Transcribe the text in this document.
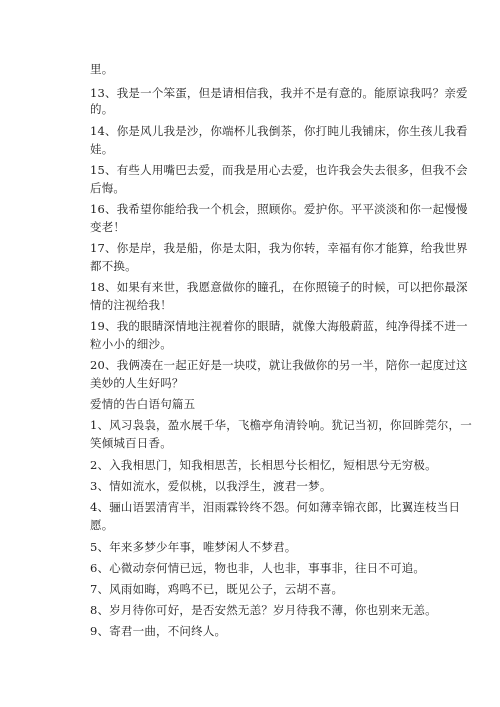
里。
13、我是一个笨蛋，但是请相信我，我并不是有意的。能原谅我吗？亲爱
的。
14、你是风儿我是沙，你端杯儿我倒茶，你打盹儿我铺床，你生孩儿我看
娃。
15、有些人用嘴巴去爱，而我是用心去爱，也许我会失去很多，但我不会
后悔。
16、我希望你能给我一个机会，照顾你。爱护你。平平淡淡和你一起慢慢
变老！
17、你是岸，我是船，你是太阳，我为你转，幸福有你才能算，给我世界
都不换。
18、如果有来世，我愿意做你的瞳孔，在你照镜子的时候，可以把你最深
情的注视给我！
19、我的眼睛深情地注视着你的眼睛，就像大海般蔚蓝，纯净得揉不进一
粒小小的细沙。
20、我俩凑在一起正好是一块哎，就让我做你的另一半，陪你一起度过这
美妙的人生好吗？
爱情的告白语句篇五
1、风习袅袅，盈水展千华，飞檐亭角清铃响。犹记当初，你回眸莞尔，一
笑倾城百日香。
2、入我相思门，知我相思苦，长相思兮长相忆，短相思兮无穷极。
3、情如流水，爱似桃，以我浮生，渡君一梦。
4、骊山语罢清宵半，泪雨霖铃终不怨。何如薄幸锦衣郎，比翼连枝当日
愿。
5、年来多梦少年事，唯梦闲人不梦君。
6、心微动奈何情已远，物也非，人也非，事事非，往日不可追。
7、风雨如晦，鸡鸣不已，既见公子，云胡不喜。
8、岁月待你可好，是否安然无恙？岁月待我不薄，你也别来无恙。
9、寄君一曲，不问终人。
